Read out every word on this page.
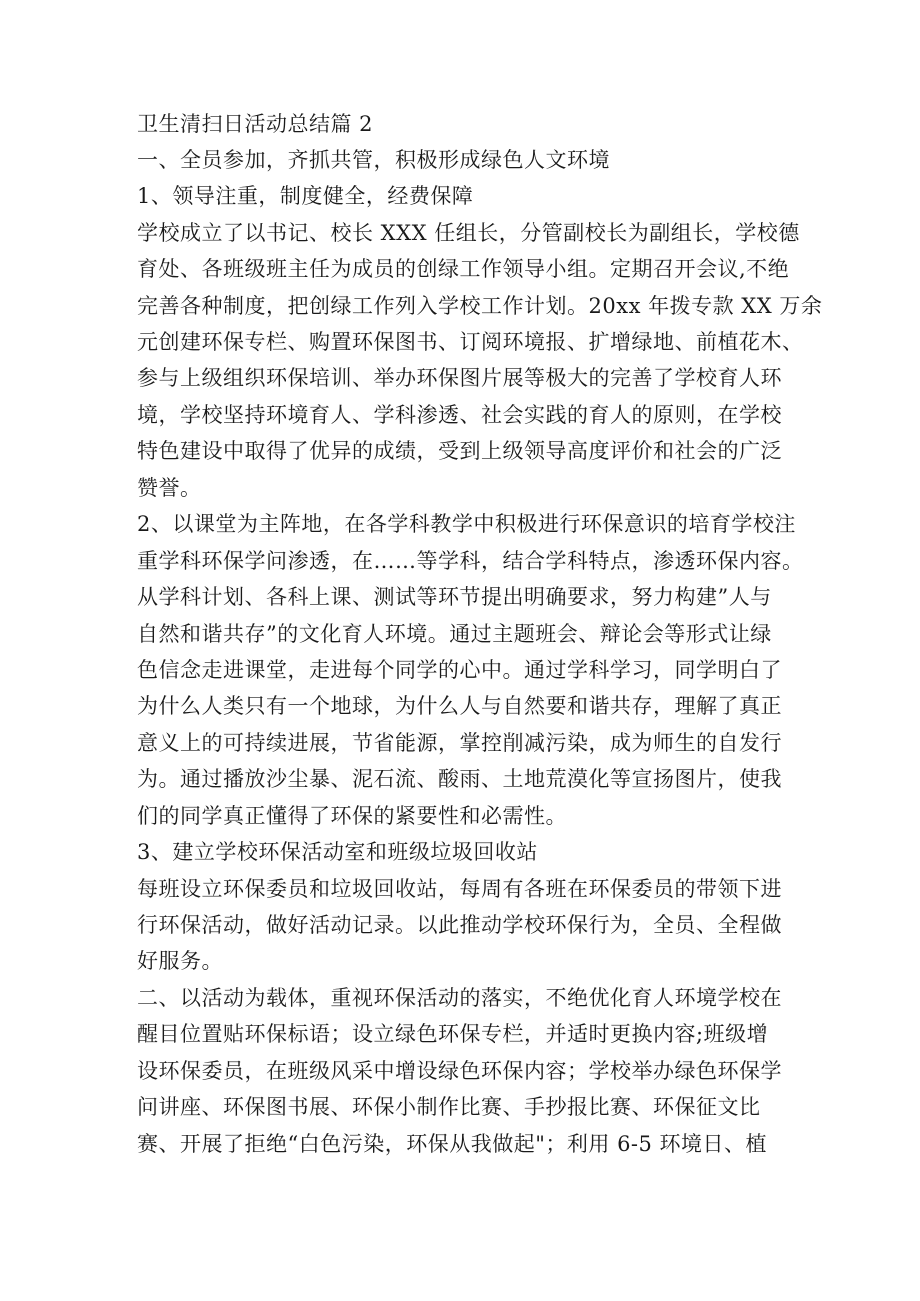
卫生清扫日活动总结篇 2
一、全员参加，齐抓共管，积极形成绿色人文环境
1、领导注重，制度健全，经费保障
学校成立了以书记、校长 XXX 任组长，分管副校长为副组长，学校德
育处、各班级班主任为成员的创绿工作领导小组。定期召开会议,不绝
完善各种制度，把创绿工作列入学校工作计划。20xx 年拨专款 XX 万余
元创建环保专栏、购置环保图书、订阅环境报、扩增绿地、前植花木、
参与上级组织环保培训、举办环保图片展等极大的完善了学校育人环
境，学校坚持环境育人、学科渗透、社会实践的育人的原则，在学校
特色建设中取得了优异的成绩，受到上级领导高度评价和社会的广泛
赞誉。
2、以课堂为主阵地，在各学科教学中积极进行环保意识的培育学校注
重学科环保学问渗透，在……等学科，结合学科特点，渗透环保内容。
从学科计划、各科上课、测试等环节提出明确要求，努力构建”人与
自然和谐共存”的文化育人环境。通过主题班会、辩论会等形式让绿
色信念走进课堂，走进每个同学的心中。通过学科学习，同学明白了
为什么人类只有一个地球，为什么人与自然要和谐共存，理解了真正
意义上的可持续进展，节省能源，掌控削减污染，成为师生的自发行
为。通过播放沙尘暴、泥石流、酸雨、土地荒漠化等宣扬图片，使我
们的同学真正懂得了环保的紧要性和必需性。
3、建立学校环保活动室和班级垃圾回收站
每班设立环保委员和垃圾回收站，每周有各班在环保委员的带领下进
行环保活动，做好活动记录。以此推动学校环保行为，全员、全程做
好服务。
二、以活动为载体，重视环保活动的落实，不绝优化育人环境学校在
醒目位置贴环保标语；设立绿色环保专栏，并适时更换内容;班级增
设环保委员，在班级风采中增设绿色环保内容；学校举办绿色环保学
问讲座、环保图书展、环保小制作比赛、手抄报比赛、环保征文比
赛、开展了拒绝“白色污染，环保从我做起"；利用 6-5 环境日、植
